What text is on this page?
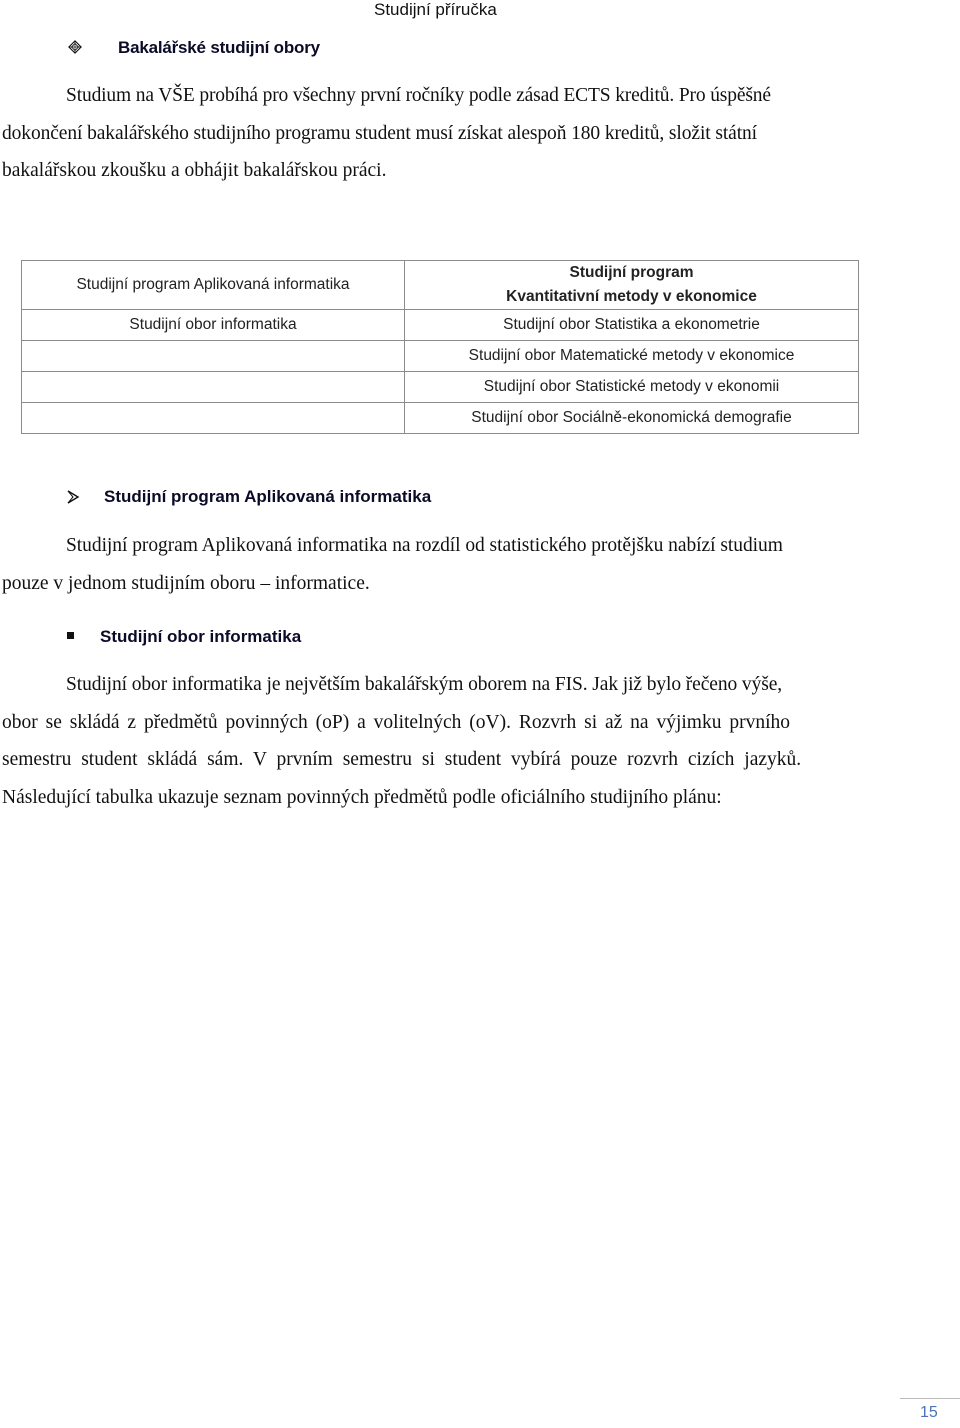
Studijní příručka
Bakalářské studijní obory
Studium na VŠE probíhá pro všechny první ročníky podle zásad ECTS kreditů. Pro úspěšné
dokončení bakalářského studijního programu student musí získat alespoň 180 kreditů, složit státní
bakalářskou zkoušku a obhájit bakalářskou práci.
Studijní program Aplikovaná informatika	Studijní program
Kvantitativní metody v ekonomice
Studijní obor informatika	Studijní obor Statistika a ekonometrie
	Studijní obor Matematické metody v ekonomice
	Studijní obor Statistické metody v ekonomii
	Studijní obor Sociálně-ekonomická demografie
Studijní program Aplikovaná informatika
Studijní program Aplikovaná informatika na rozdíl od statistického protějšku nabízí studium
pouze v jednom studijním oboru – informatice.
Studijní obor informatika
Studijní obor informatika je největším bakalářským oborem na FIS. Jak již bylo řečeno výše,
obor se skládá z předmětů povinných (oP) a volitelných (oV). Rozvrh si až na výjimku prvního
semestru student skládá sám. V prvním semestru si student vybírá pouze rozvrh cizích jazyků.
Následující tabulka ukazuje seznam povinných předmětů podle oficiálního studijního plánu:
15
